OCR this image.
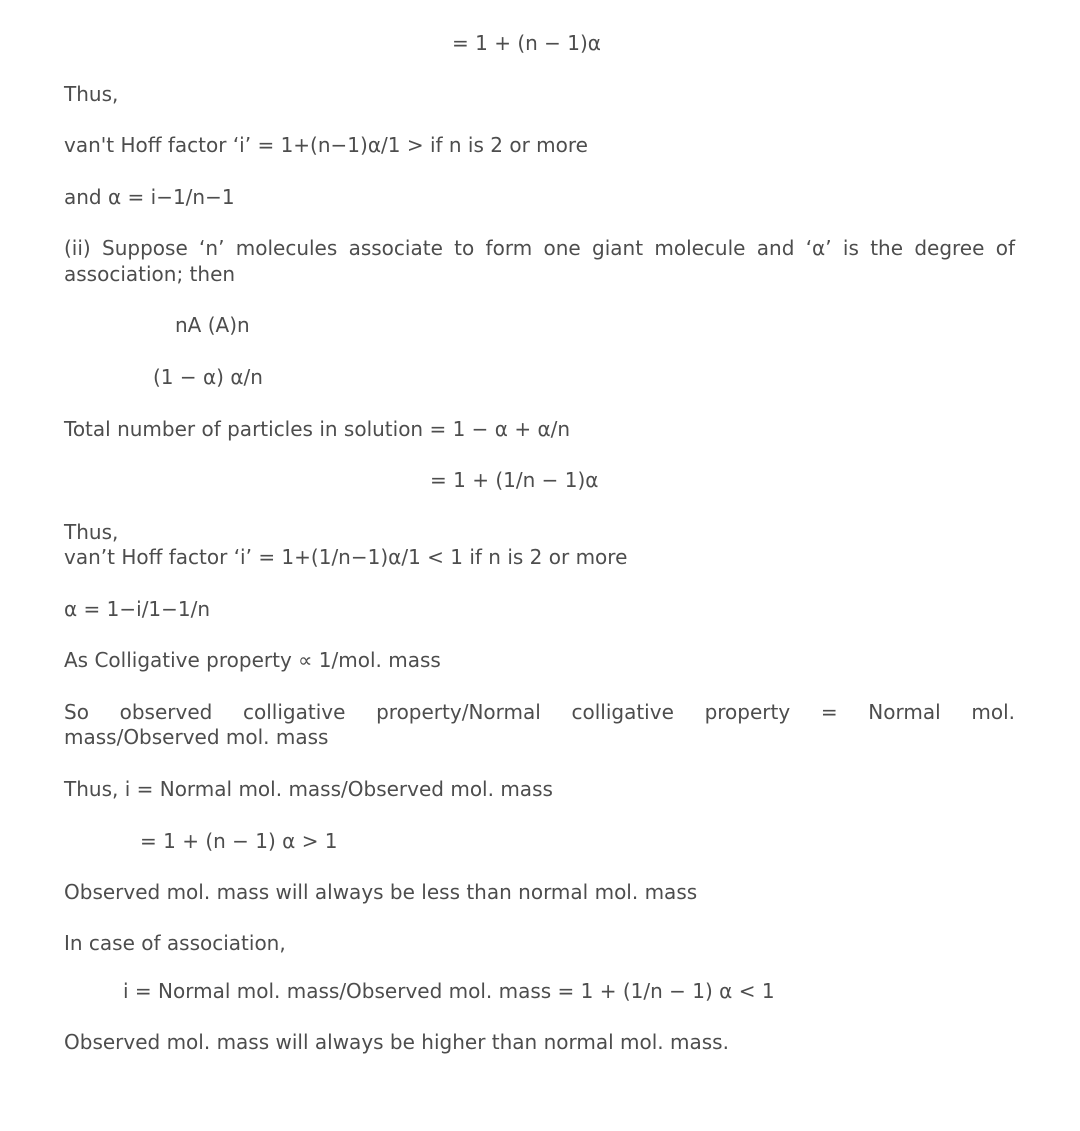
= 1 + (n − 1)α
Thus,
van't Hoff factor ‘i’ = 1+(n−1)α/1 > if n is 2 or more
and α = i−1/n−1
(ii) Suppose ‘n’ molecules associate to form one giant molecule and ‘α’ is the degree of
association; then
nA (A)n
(1 − α) α/n
Total number of particles in solution = 1 − α + α/n
= 1 + (1/n − 1)α
Thus,
van’t Hoff factor ‘i’ = 1+(1/n−1)α/1 < 1 if n is 2 or more
α = 1−i/1−1/n
As Colligative property ∝ 1/mol. mass
So observed colligative property/Normal colligative property = Normal mol.
mass/Observed mol. mass
Thus, i = Normal mol. mass/Observed mol. mass
= 1 + (n − 1) α > 1
Observed mol. mass will always be less than normal mol. mass
In case of association,
i = Normal mol. mass/Observed mol. mass = 1 + (1/n − 1) α < 1
Observed mol. mass will always be higher than normal mol. mass.
